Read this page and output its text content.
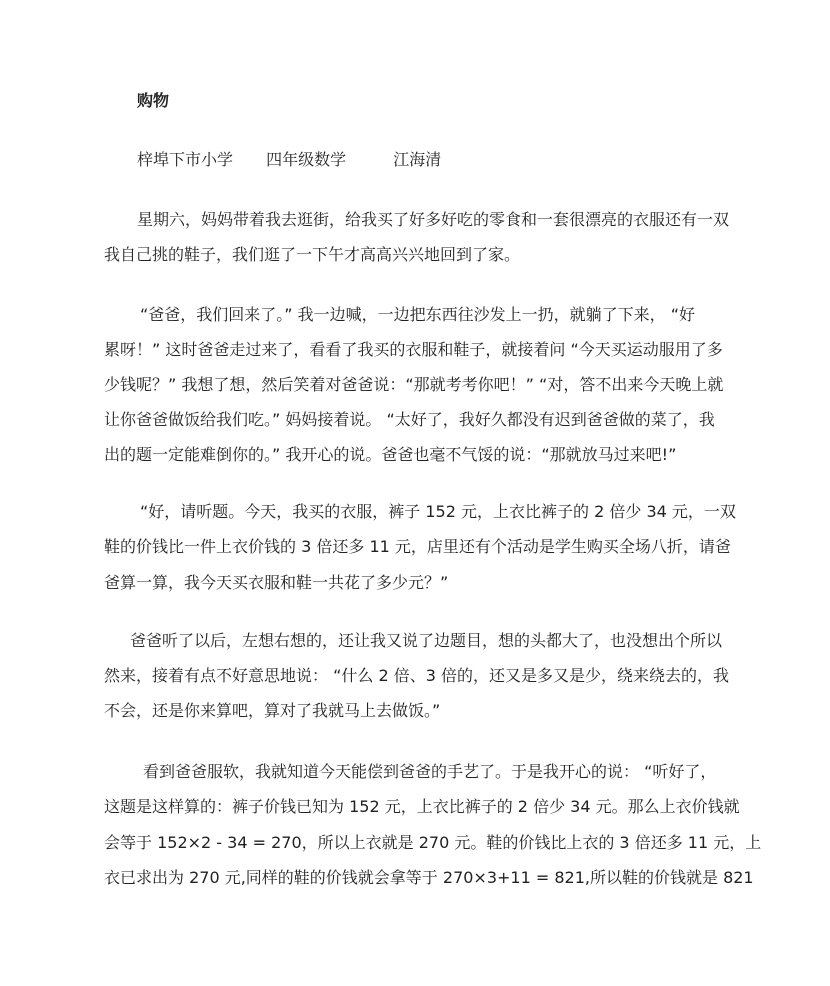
购物
梓埠下市小学 四年级数学	江海清
星期六，妈妈带着我去逛街，给我买了好多好吃的零食和一套很漂亮的衣服还有一双
我自己挑的鞋子，我们逛了一下午才高高兴兴地回到了家。
“爸爸，我们回来了。” 我一边喊，一边把东西往沙发上一扔，就躺了下来， “好
累呀！” 这时爸爸走过来了，看看了我买的衣服和鞋子，就接着问 “今天买运动服用了多
少钱呢？” 我想了想，然后笑着对爸爸说：“那就考考你吧！” “对，答不出来今天晚上就
让你爸爸做饭给我们吃。” 妈妈接着说。 “太好了，我好久都没有迟到爸爸做的菜了，我
出的题一定能难倒你的。” 我开心的说。爸爸也毫不气馁的说：“那就放马过来吧!”
“好，请听题。今天，我买的衣服，裤子 152 元，上衣比裤子的 2 倍少 34 元，一双
鞋的价钱比一件上衣价钱的 3 倍还多 11 元，店里还有个活动是学生购买全场八折，请爸
爸算一算，我今天买衣服和鞋一共花了多少元？”
爸爸听了以后，左想右想的，还让我又说了边题目，想的头都大了，也没想出个所以
然来，接着有点不好意思地说： “什么 2 倍、3 倍的，还又是多又是少，绕来绕去的，我
不会，还是你来算吧，算对了我就马上去做饭。”
看到爸爸服软，我就知道今天能偿到爸爸的手艺了。于是我开心的说： “听好了，
这题是这样算的：裤子价钱已知为 152 元，上衣比裤子的 2 倍少 34 元。那么上衣价钱就
会等于 152×2 - 34 = 270，所以上衣就是 270 元。鞋的价钱比上衣的 3 倍还多 11 元，上
衣已求出为 270 元,同样的鞋的价钱就会拿等于 270×3+11 = 821,所以鞋的价钱就是 821
